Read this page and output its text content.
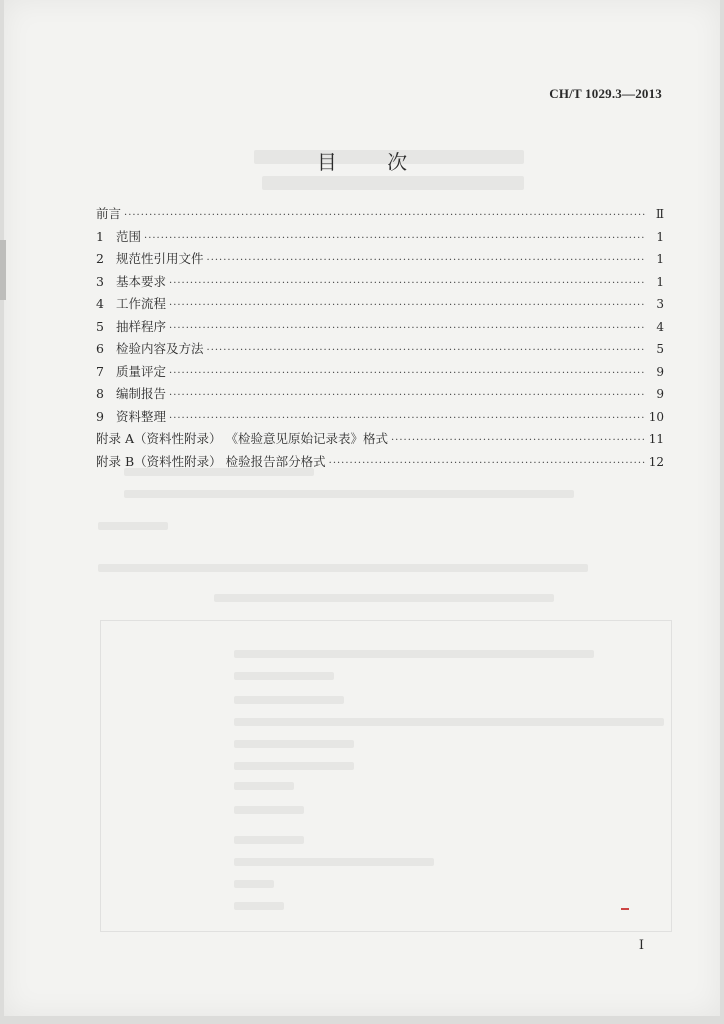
CH/T 1029.3—2013
目 次
前言 ·····	Ⅱ
1 范围 ·····	1
2 规范性引用文件 ·····	1
3 基本要求 ·····	1
4 工作流程 ·····	3
5 抽样程序 ·····	4
6 检验内容及方法 ·····	5
7 质量评定 ·····	9
8 编制报告 ·····	9
9 资料整理 ·····	10
附录 A（资料性附录） 《检验意见原始记录表》格式 ·····	11
附录 B（资料性附录） 检验报告部分格式 ·····	12
I
